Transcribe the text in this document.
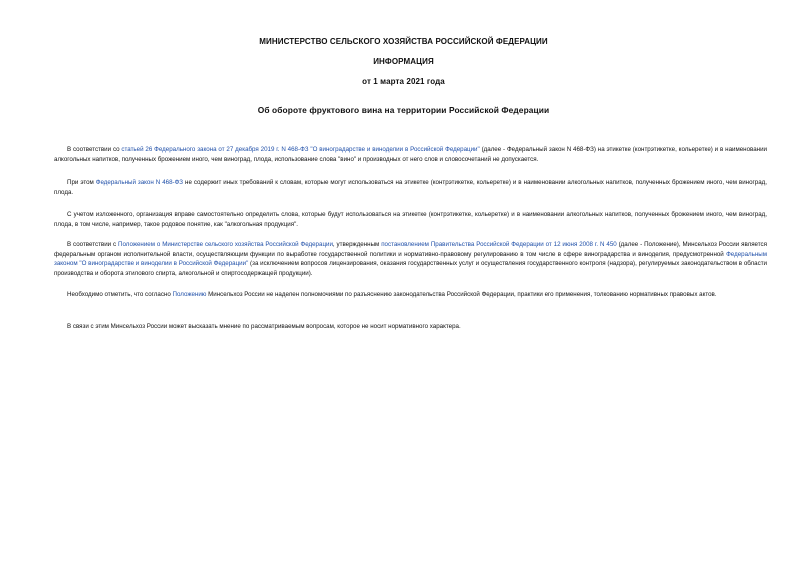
МИНИСТЕРСТВО СЕЛЬСКОГО ХОЗЯЙСТВА РОССИЙСКОЙ ФЕДЕРАЦИИ
ИНФОРМАЦИЯ
от 1 марта 2021 года
Об обороте фруктового вина на территории Российской Федерации
В соответствии со статьей 26 Федерального закона от 27 декабря 2019 г. N 468-ФЗ "О виноградарстве и виноделии в Российской Федерации" (далее - Федеральный закон N 468-ФЗ) на этикетке (контрэтикетке, кольеретке) и в наименовании алкогольных напитков, полученных брожением иного, чем виноград, плода, использование слова "вино" и производных от него слов и словосочетаний не допускается.
При этом Федеральный закон N 468-ФЗ не содержит иных требований к словам, которые могут использоваться на этикетке (контрэтикетке, кольеретке) и в наименовании алкогольных напитков, полученных брожением иного, чем виноград, плода.
С учетом изложенного, организация вправе самостоятельно определить слова, которые будут использоваться на этикетке (контрэтикетке, кольеретке) и в наименовании алкогольных напитков, полученных брожением иного, чем виноград, плода, в том числе, например, такое родовое понятие, как "алкогольная продукция".
В соответствии с Положением о Министерстве сельского хозяйства Российской Федерации, утвержденным постановлением Правительства Российской Федерации от 12 июня 2008 г. N 450 (далее - Положение), Минсельхоз России является федеральным органом исполнительной власти, осуществляющим функции по выработке государственной политики и нормативно-правовому регулированию в том числе в сфере виноградарства и виноделия, предусмотренной Федеральным законом "О виноградарстве и виноделии в Российской Федерации" (за исключением вопросов лицензирования, оказания государственных услуг и осуществления государственного контроля (надзора), регулируемых законодательством в области производства и оборота этилового спирта, алкогольной и спиртосодержащей продукции).
Необходимо отметить, что согласно Положению Минсельхоз России не наделен полномочиями по разъяснению законодательства Российской Федерации, практики его применения, толкованию нормативных правовых актов.
В связи с этим Минсельхоз России может высказать мнение по рассматриваемым вопросам, которое не носит нормативного характера.
